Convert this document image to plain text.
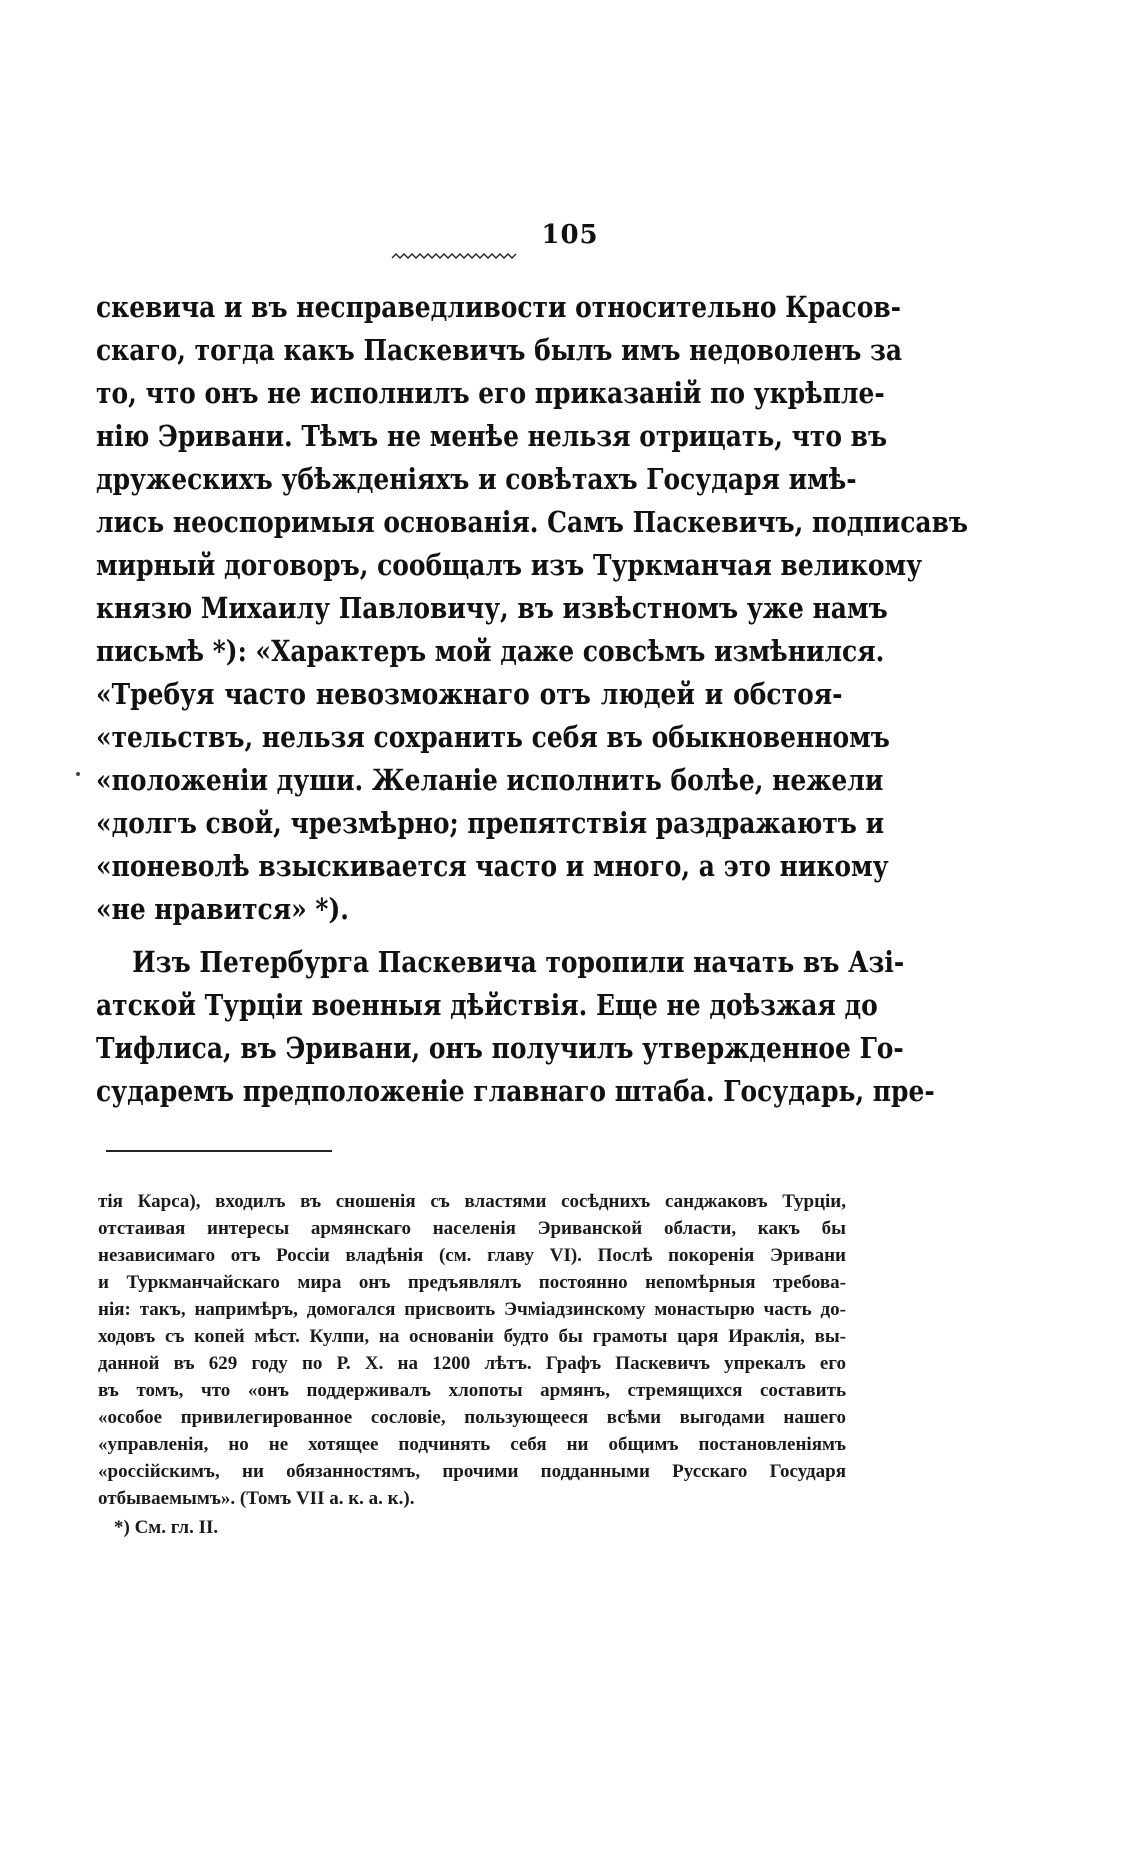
105
скевича и въ несправедливости относительно Красов-
скаго, тогда какъ Паскевичъ былъ имъ недоволенъ за
то, что онъ не исполнилъ его приказаній по укрѣпле-
нію Эривани. Тѣмъ не менѣе нельзя отрицать, что въ
дружескихъ убѣжденіяхъ и совѣтахъ Государя имѣ-
лись неоспоримыя основанія. Самъ Паскевичъ, подписавъ
мирный договоръ, сообщалъ изъ Туркманчая великому
князю Михаилу Павловичу, въ извѣстномъ уже намъ
письмѣ *): «Характеръ мой даже совсѣмъ измѣнился.
«Требуя часто невозможнаго отъ людей и обстоя-
«тельствъ, нельзя сохранить себя въ обыкновенномъ
«положеніи души. Желаніе исполнить болѣе, нежели
«долгъ свой, чрезмѣрно; препятствія раздражаютъ и
«поневолѣ взыскивается часто и много, а это никому
«не нравится» *).
Изъ Петербурга Паскевича торопили начать въ Азі-
атской Турціи военныя дѣйствія. Еще не доѣзжая до
Тифлиса, въ Эривани, онъ получилъ утвержденное Го-
сударемъ предположеніе главнаго штаба. Государь, пре-
тія Карса), входилъ въ сношенія съ властями сосѣднихъ санджаковъ Турціи,
отстаивая интересы армянскаго населенія Эриванской области, какъ бы
независимаго отъ Россіи владѣнія (см. главу VI). Послѣ покоренія Эривани
и Туркманчайскаго мира онъ предъявлялъ постоянно непомѣрныя требова-
нія: такъ, напримѣръ, домогался присвоить Эчміадзинскому монастырю часть до-
ходовъ съ копей мѣст. Кулпи, на основаніи будто бы грамоты царя Ираклія, вы-
данной въ 629 году по Р. Х. на 1200 лѣтъ. Графъ Паскевичъ упрекалъ его
въ томъ, что «онъ поддерживалъ хлопоты армянъ, стремящихся составить
«особое привилегированное сословіе, пользующееся всѣми выгодами нашего
«управленія, но не хотящее подчинять себя ни общимъ постановленіямъ
«россійскимъ, ни обязанностямъ, прочими подданными Русскаго Государя
отбываемымъ». (Томъ VII а. к. а. к.).
*) См. гл. II.
